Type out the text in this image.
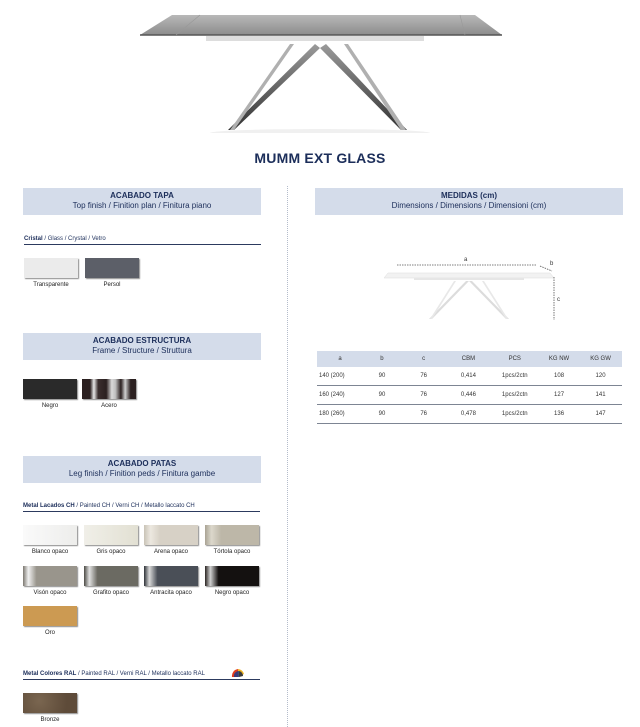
MUMM EXT GLASS
ACABADO TAPA
Top finish / Finition plan / Finitura piano
Cristal / Glass / Crystal / Vetro
Transparente	Persol
ACABADO ESTRUCTURA
Frame / Structure / Struttura
Negro	Acero
ACABADO PATAS
Leg finish / Finition peds / Finitura gambe
Metal Lacados CH / Painted CH / Verni CH / Metallo laccato CH
Blanco opaco	Gris opaco	Arena opaco	Tórtola opaco
Visón opaco	Grafito opaco	Antracita opaco	Negro opaco
Oro
Metal Colores RAL / Painted RAL / Verni RAL / Metallo laccato RAL
Bronze
MEDIDAS (cm)
Dimensions / Dimensions / Dimensioni (cm)
a
b
c
a	b	c	CBM	PCS	KG NW	KG GW
140 (200)	90	76	0,414	1pcs/2ctn	108	120
160 (240)	90	76	0,446	1pcs/2ctn	127	141
180 (260)	90	76	0,478	1pcs/2ctn	136	147
